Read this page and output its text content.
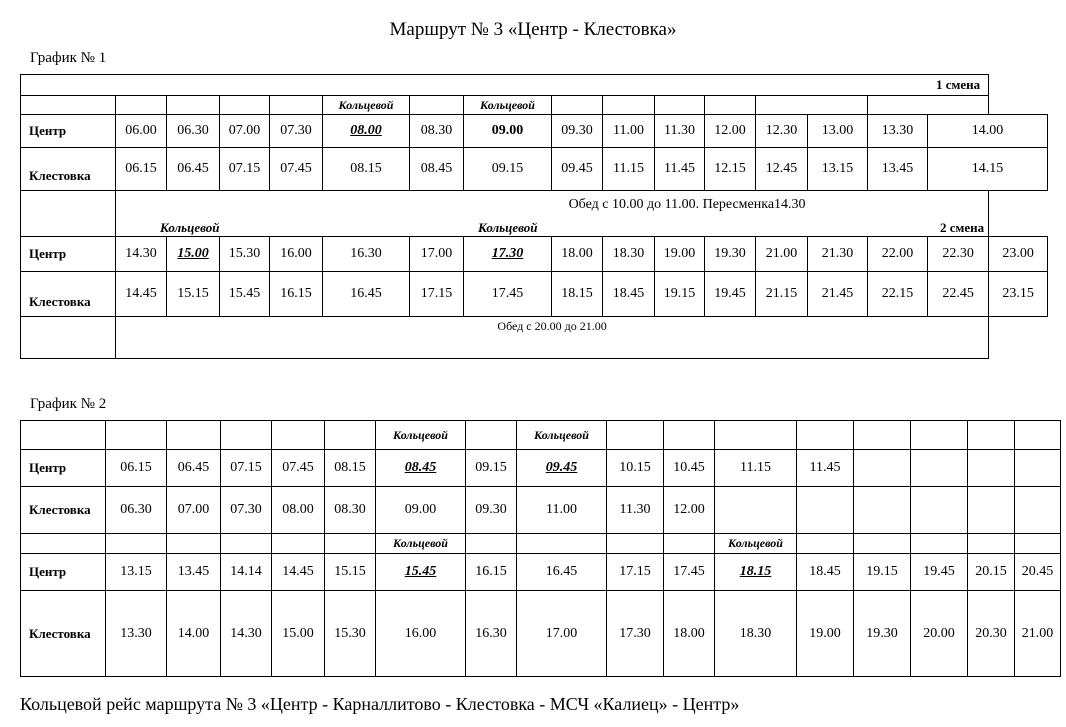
Маршрут № 3 «Центр - Клестовка»
График № 1
1 смена																
					Кольцевой		Кольцевой									
Центр	06.00	06.30	07.00	07.30	08.00	08.30	09.00	09.30	11.00	11.30	12.00	12.30	13.00	13.30	14.00	
Клестовка	06.15	06.45	07.15	07.45	08.15	08.45	09.15	09.45	11.15	11.45	12.15	12.45	13.15	13.45	14.15	

	Обед с 10.00 до 11.00. Пересменка14.30
Кольцевой Кольцевой 2 смена															

Центр	14.30	15.00	15.30	16.00	16.30	17.00	17.30	18.00	18.30	19.00	19.30	21.00	21.30	22.00	22.30	23.00
Клестовка	14.45	15.15	15.45	16.15	16.45	17.15	17.45	18.15	18.45	19.15	19.45	21.15	21.45	22.15	22.45	23.15
	Обед с 20.00 до 21.00															
График № 2
						Кольцевой		Кольцевой								
Центр	06.15	06.45	07.15	07.45	08.15	08.45	09.15	09.45	10.15	10.45	11.15	11.45				
Клестовка	06.30	07.00	07.30	08.00	08.30	09.00	09.30	11.00	11.30	12.00						
						Кольцевой					Кольцевой					
Центр	13.15	13.45	14.14	14.45	15.15	15.45	16.15	16.45	17.15	17.45	18.15	18.45	19.15	19.45	20.15	20.45
Клестовка	13.30	14.00	14.30	15.00	15.30	16.00	16.30	17.00	17.30	18.00	18.30	19.00	19.30	20.00	20.30	21.00
Кольцевой рейс маршрута № 3 «Центр - Карналлитово - Клестовка - МСЧ «Калиец» - Центр»
